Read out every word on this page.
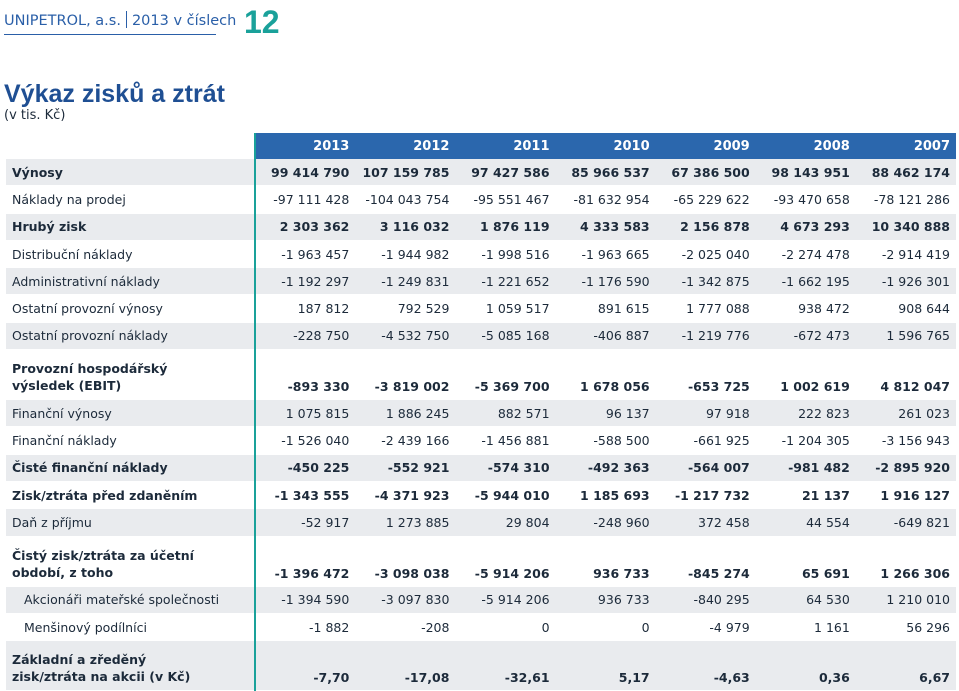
UNIPETROL, a.s. 2013 v číslech 12
Výkaz zisků a ztrát
(v tis. Kč)
	2013	2012	2011	2010	2009	2008	2007
Výnosy	99 414 790	107 159 785	97 427 586	85 966 537	67 386 500	98 143 951	88 462 174
Náklady na prodej	-97 111 428	-104 043 754	-95 551 467	-81 632 954	-65 229 622	-93 470 658	-78 121 286
Hrubý zisk	2 303 362	3 116 032	1 876 119	4 333 583	2 156 878	4 673 293	10 340 888
Distribuční náklady	-1 963 457	-1 944 982	-1 998 516	-1 963 665	-2 025 040	-2 274 478	-2 914 419
Administrativní náklady	-1 192 297	-1 249 831	-1 221 652	-1 176 590	-1 342 875	-1 662 195	-1 926 301
Ostatní provozní výnosy	187 812	792 529	1 059 517	891 615	1 777 088	938 472	908 644
Ostatní provozní náklady	-228 750	-4 532 750	-5 085 168	-406 887	-1 219 776	-672 473	1 596 765

Provozní hospodářský
výsledek (EBIT)	-893 330	-3 819 002	-5 369 700	1 678 056	-653 725	1 002 619	4 812 047
Finanční výnosy	1 075 815	1 886 245	882 571	96 137	97 918	222 823	261 023
Finanční náklady	-1 526 040	-2 439 166	-1 456 881	-588 500	-661 925	-1 204 305	-3 156 943
Čisté finanční náklady	-450 225	-552 921	-574 310	-492 363	-564 007	-981 482	-2 895 920
Zisk/ztráta před zdaněním	-1 343 555	-4 371 923	-5 944 010	1 185 693	-1 217 732	21 137	1 916 127
Daň z příjmu	-52 917	1 273 885	29 804	-248 960	372 458	44 554	-649 821

Čistý zisk/ztráta za účetní
období, z toho	-1 396 472	-3 098 038	-5 914 206	936 733	-845 274	65 691	1 266 306
Akcionáři mateřské společnosti	-1 394 590	-3 097 830	-5 914 206	936 733	-840 295	64 530	1 210 010
Menšinový podílníci	-1 882	-208	0	0	-4 979	1 161	56 296

Základní a zředěný
zisk/ztráta na akcii (v Kč)	-7,70	-17,08	-32,61	5,17	-4,63	0,36	6,67
